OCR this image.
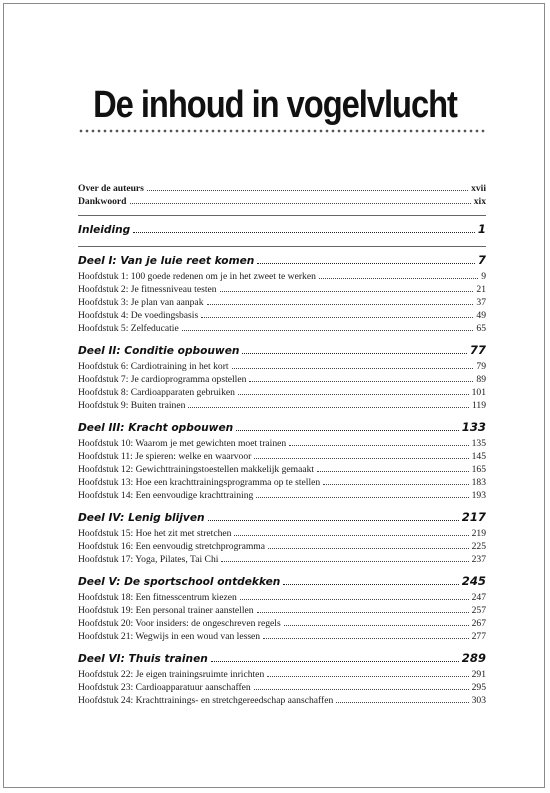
De inhoud in vogelvlucht
Over de auteurs	xvii
Dankwoord	xix
Inleiding	1
Deel I: Van je luie reet komen	7
Hoofdstuk 1: 100 goede redenen om je in het zweet te werken	9
Hoofdstuk 2: Je fitnessniveau testen	21
Hoofdstuk 3: Je plan van aanpak	37
Hoofdstuk 4: De voedingsbasis	49
Hoofdstuk 5: Zelfeducatie	65
Deel II: Conditie opbouwen	77
Hoofdstuk 6: Cardiotraining in het kort	79
Hoofdstuk 7: Je cardioprogramma opstellen	89
Hoofdstuk 8: Cardioapparaten gebruiken	101
Hoofdstuk 9: Buiten trainen	119
Deel III: Kracht opbouwen	133
Hoofdstuk 10: Waarom je met gewichten moet trainen	135
Hoofdstuk 11: Je spieren: welke en waarvoor	145
Hoofdstuk 12: Gewichttrainingstoestellen makkelijk gemaakt	165
Hoofdstuk 13: Hoe een krachttrainingsprogramma op te stellen	183
Hoofdstuk 14: Een eenvoudige krachttraining	193
Deel IV: Lenig blijven	217
Hoofdstuk 15: Hoe het zit met stretchen	219
Hoofdstuk 16: Een eenvoudig stretchprogramma	225
Hoofdstuk 17: Yoga, Pilates, Tai Chi	237
Deel V: De sportschool ontdekken	245
Hoofdstuk 18: Een fitnesscentrum kiezen	247
Hoofdstuk 19: Een personal trainer aanstellen	257
Hoofdstuk 20: Voor insiders: de ongeschreven regels	267
Hoofdstuk 21: Wegwijs in een woud van lessen	277
Deel VI: Thuis trainen	289
Hoofdstuk 22: Je eigen trainingsruimte inrichten	291
Hoofdstuk 23: Cardioapparatuur aanschaffen	295
Hoofdstuk 24: Krachttrainings- en stretchgereedschap aanschaffen	303
